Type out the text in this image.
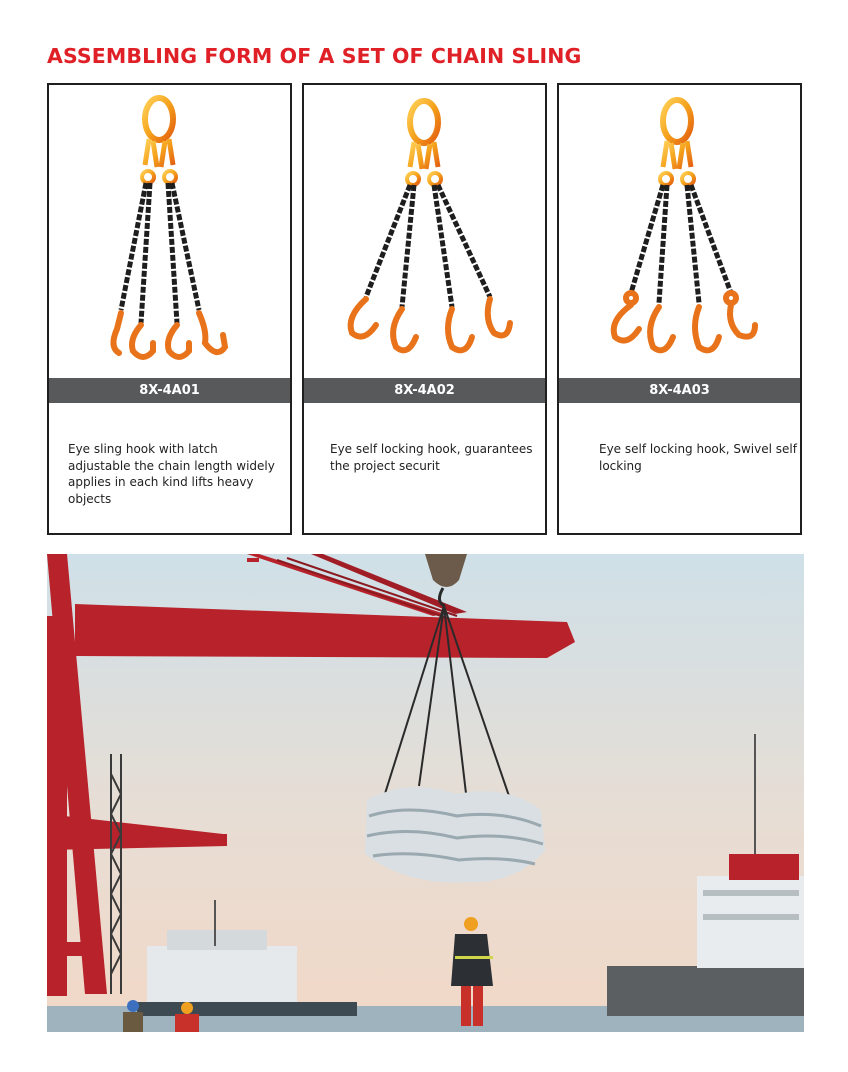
ASSEMBLING FORM OF A SET OF CHAIN SLING
8X-4A01
Eye sling hook with latch adjustable the chain length widely applies in each kind lifts heavy objects
8X-4A02
Eye self locking hook, guarantees the project securit
8X-4A03
Eye self locking hook, Swivel self locking
